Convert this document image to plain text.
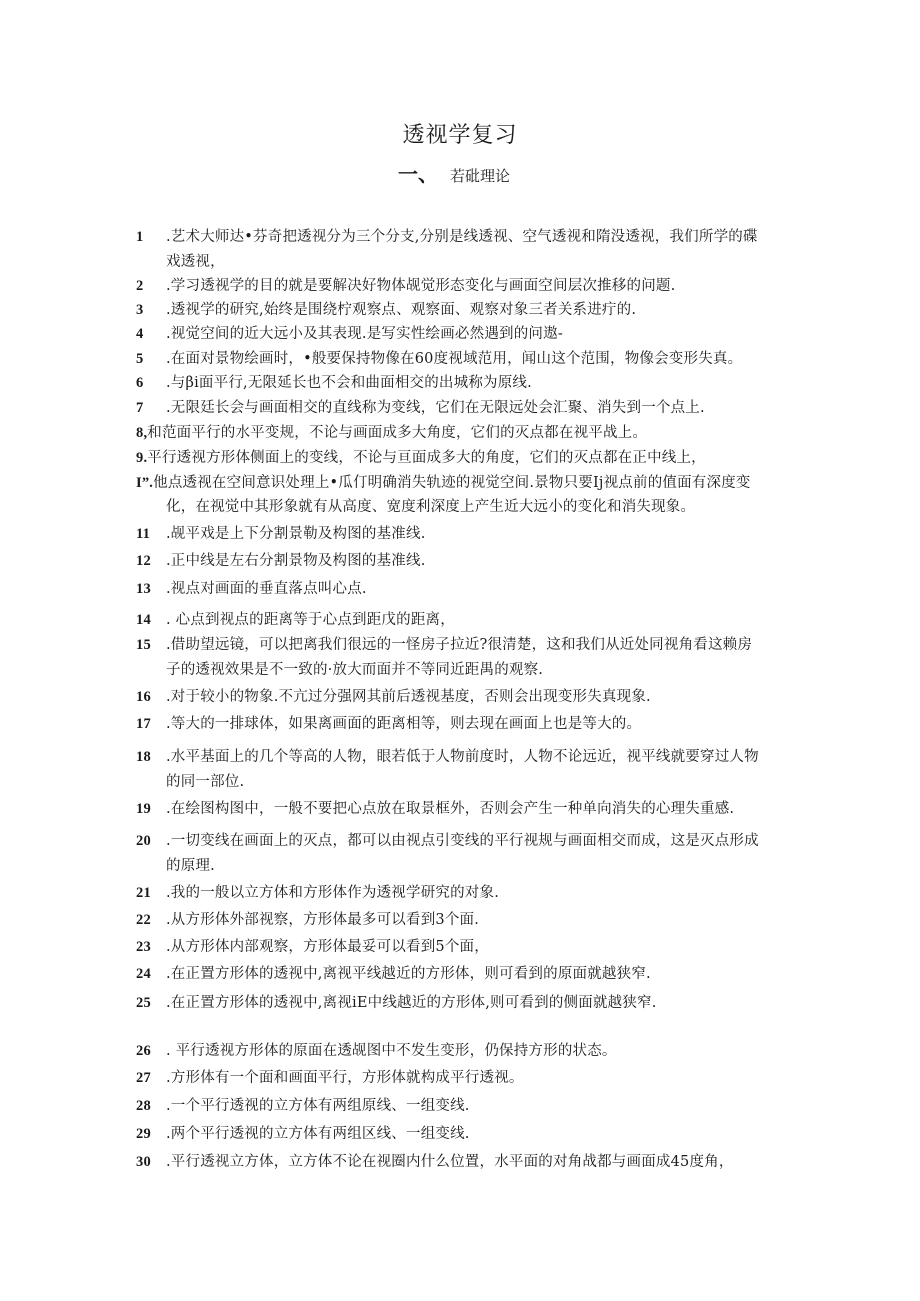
透视学复习
一、 若砒理论
1 .艺术大师达•芬奇把透视分为三个分支,分别是线透视、空气透视和隋没透视，我们所学的碟
戏透视，
2 .学习透视学的目的就是要解决好物体觇觉形态变化与画面空间层次推移的问题.
3 .透视学的研究,始终是围绕柠观察点、观察面、观察对象三者关系进疔的.
4 .视觉空间的近大远小及其表现.是写实性绘画必然遇到的问遨-
5 .在面对景物绘画时，•般要保持物像在60度视域范用，闻山这个范围，物像会变形失真。
6 .与βi面平行,无限延长也不会和曲面相交的出城称为原线.
7 .无限廷长会与画面相交的直线称为变线，它们在无限远处会汇聚、消失到一个点上.
8,和范面平行的水平变规，不论与画面成多大角度，它们的灭点都在视平战上。
9.平行透视方形体侧面上的变线，不论与亘面成多大的角度，它们的灭点都在正中线上，
I”.他点透视在空间意识处理上•瓜仃明确消失轨迹的视觉空间.景物只要Ij视点前的值面有深度变
化，在视觉中其形象就有从高度、宽度利深度上产生近大远小的变化和消失现象。
11 .觇平戏是上下分割景勒及构图的基准线.
12 .正中线是左右分割景物及构图的基准线.
13 .视点对画面的垂直落点叫心点.
14 . 心点到视点的距离等于心点到距戊的距离，
15 .借助望远镜，可以把离我们很远的一怪房子拉近?很清楚，这和我们从近处同视角看这赖房
子的透视效果是不一致的·放大而面并不等同近距禺的观察.
16 .对于较小的物象.不亢过分强网其前后透视基度，否则会出现变形失真现象.
17 .等大的一排球体，如果离画面的距离相等，则去现在画面上也是等大的。
18 .水平基面上的几个等高的人物，眼若低于人物前度时，人物不论远近，视平线就要穿过人物
的同一部位.
19 .在绘图构图中，一般不要把心点放在取景框外，否则会产生一种单向消失的心理失重感.
20 .一切变线在画面上的灭点，都可以由视点引变线的平行视规与画面相交而成，这是灭点形成
的原理.
21 .我的一般以立方体和方形体作为透视学研究的对象.
22 .从方形体外部视察，方形体最多可以看到3个面.
23 .从方形体内部观察，方形体最妥可以看到5个面，
24 .在正置方形体的透视中,离视平线越近的方形体，则可看到的原面就越狭窄.
25 .在正置方形体的透视中,离视iE中线越近的方形体,则可看到的侧面就越狭窄.
26 . 平行透视方形体的原面在透觇图中不发生变形，仍保持方形的状态。
27 .方形体有一个面和画面平行，方形体就构成平行透视。
28 .一个平行透视的立方体有两组原线、一组变线.
29 .两个平行透视的立方体有两组区线、一组变线.
30 .平行透视立方体，立方体不论在视圈内什么位置，水平面的对角战都与画面成45度角，
